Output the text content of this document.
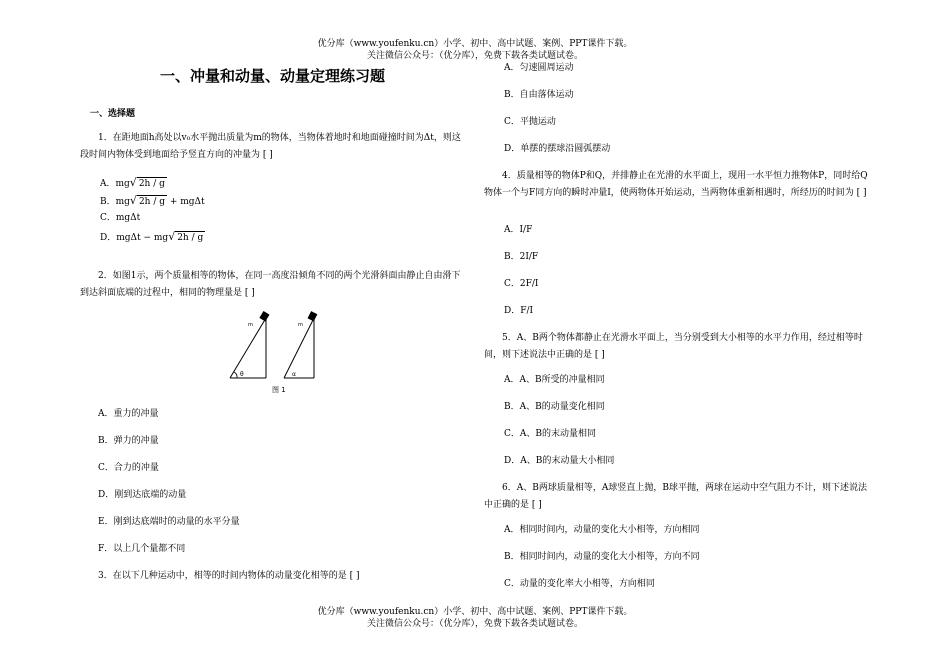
优分库（www.youfenku.cn）小学、初中、高中试题、案例、PPT课件下载。
关注微信公众号：（优分库），免费下载各类试题试卷。
一、冲量和动量、动量定理练习题
一、选择题
1．在距地面h高处以v₀水平抛出质量为m的物体，当物体着地时和地面碰撞时间为Δt，则这段时间内物体受到地面给予竖直方向的冲量为 [ ]
A．mg√ 2h / g
B．mg√ 2h / g + mgΔt
C．mgΔt
D．mgΔt − mg√ 2h / g
2．如图1示，两个质量相等的物体，在同一高度沿倾角不同的两个光滑斜面由静止自由滑下到达斜面底端的过程中，相同的物理量是 [ ]
m
θ
m
α
图 1
A．重力的冲量
B．弹力的冲量
C．合力的冲量
D．刚到达底端的动量
E．刚到达底端时的动量的水平分量
F．以上几个量都不同
3．在以下几种运动中，相等的时间内物体的动量变化相等的是 [ ]
A．匀速圆周运动
B．自由落体运动
C．平抛运动
D．单摆的摆球沿圆弧摆动
4．质量相等的物体P和Q，并排静止在光滑的水平面上，现用一水平恒力推物体P，同时给Q物体一个与F同方向的瞬时冲量I，使两物体开始运动，当两物体重新相遇时，所经历的时间为 [ ]
A．I/F
B．2I/F
C．2F/I
D．F/I
5．A、B两个物体都静止在光滑水平面上，当分别受到大小相等的水平力作用，经过相等时间，则下述说法中正确的是 [ ]
A．A、B所受的冲量相同
B．A、B的动量变化相同
C．A、B的末动量相同
D．A、B的末动量大小相同
6．A、B两球质量相等，A球竖直上抛，B球平抛，两球在运动中空气阻力不计，则下述说法中正确的是 [ ]
A．相同时间内，动量的变化大小相等，方向相同
B．相同时间内，动量的变化大小相等，方向不同
C．动量的变化率大小相等，方向相同
优分库（www.youfenku.cn）小学、初中、高中试题、案例、PPT课件下载。
关注微信公众号：（优分库），免费下载各类试题试卷。
